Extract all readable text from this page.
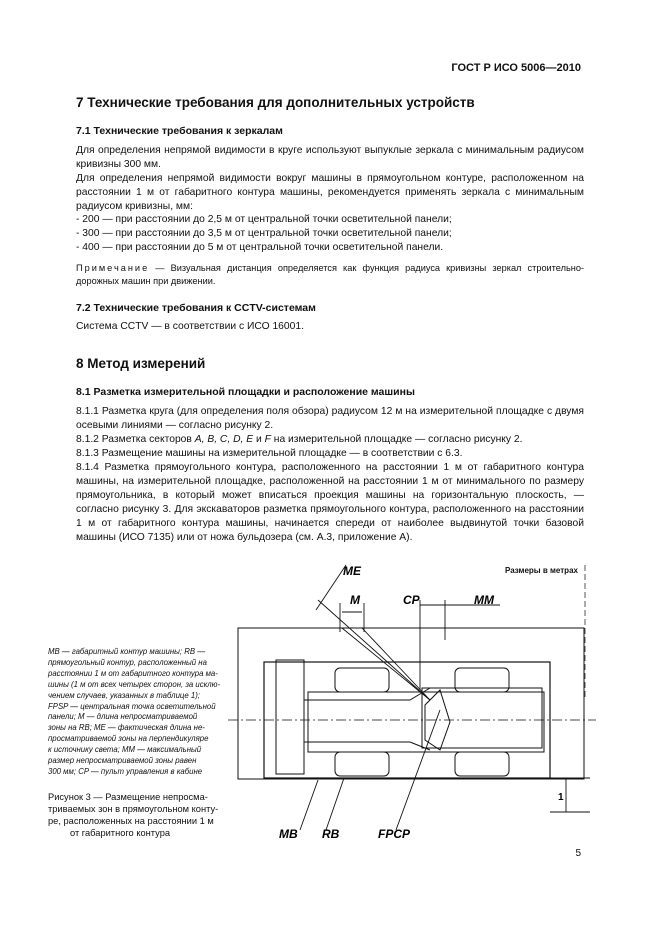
ГОСТ Р ИСО 5006—2010
7 Технические требования для дополнительных устройств
7.1 Технические требования к зеркалам
Для определения непрямой видимости в круге используют выпуклые зеркала с минимальным радиусом кривизны 300 мм.
Для определения непрямой видимости вокруг машины в прямоугольном контуре, расположенном на расстоянии 1 м от габаритного контура машины, рекомендуется применять зеркала с минимальным радиусом кривизны, мм:
- 200 — при расстоянии до 2,5 м от центральной точки осветительной панели;
- 300 — при расстоянии до 3,5 м от центральной точки осветительной панели;
- 400 — при расстоянии до 5 м от центральной точки осветительной панели.
Примечание — Визуальная дистанция определяется как функция радиуса кривизны зеркал строительно-дорожных машин при движении.
7.2 Технические требования к CCTV-системам
Система CCTV — в соответствии с ИСО 16001.
8 Метод измерений
8.1 Разметка измерительной площадки и расположение машины
8.1.1 Разметка круга (для определения поля обзора) радиусом 12 м на измерительной площадке с двумя осевыми линиями — согласно рисунку 2.
8.1.2 Разметка секторов A, B, C, D, E и F на измерительной площадке — согласно рисунку 2.
8.1.3 Размещение машины на измерительной площадке — в соответствии с 6.3.
8.1.4 Разметка прямоугольного контура, расположенного на расстоянии 1 м от габаритного контура машины, на измерительной площадке, расположенной на расстоянии 1 м от минимального по размеру прямоугольника, в который может вписаться проекция машины на горизонтальную плоскость, — согласно рисунку 3. Для экскаваторов разметка прямоугольного контура, расположенного на расстоянии 1 м от габаритного контура машины, начинается спереди от наиболее выдвинутой точки базовой машины (ИСО 7135) или от ножа бульдозера (см. А.3, приложение А).
Размеры в метрах
ME
M	CP	MM
1
MB RB	FPCP
MB — габаритный контур машины; RB —
прямоугольный контур, расположенный на
расстоянии 1 м от габаритного контура ма-
шины (1 м от всех четырех сторон, за исклю-
чением случаев, указанных в таблице 1);
FPSP — центральная точка осветительной
панели; M — длина непросматриваемой
зоны на RB; ME — фактическая длина не-
просматриваемой зоны на перпендикуляре
к источнику света; MM — максимальный
размер непросматриваемой зоны равен
300 мм; CP — пульт управления в кабине
Рисунок 3 — Размещение непросма-
триваемых зон в прямоугольном конту-
ре, расположенных на расстоянии 1 м
от габаритного контура
5
